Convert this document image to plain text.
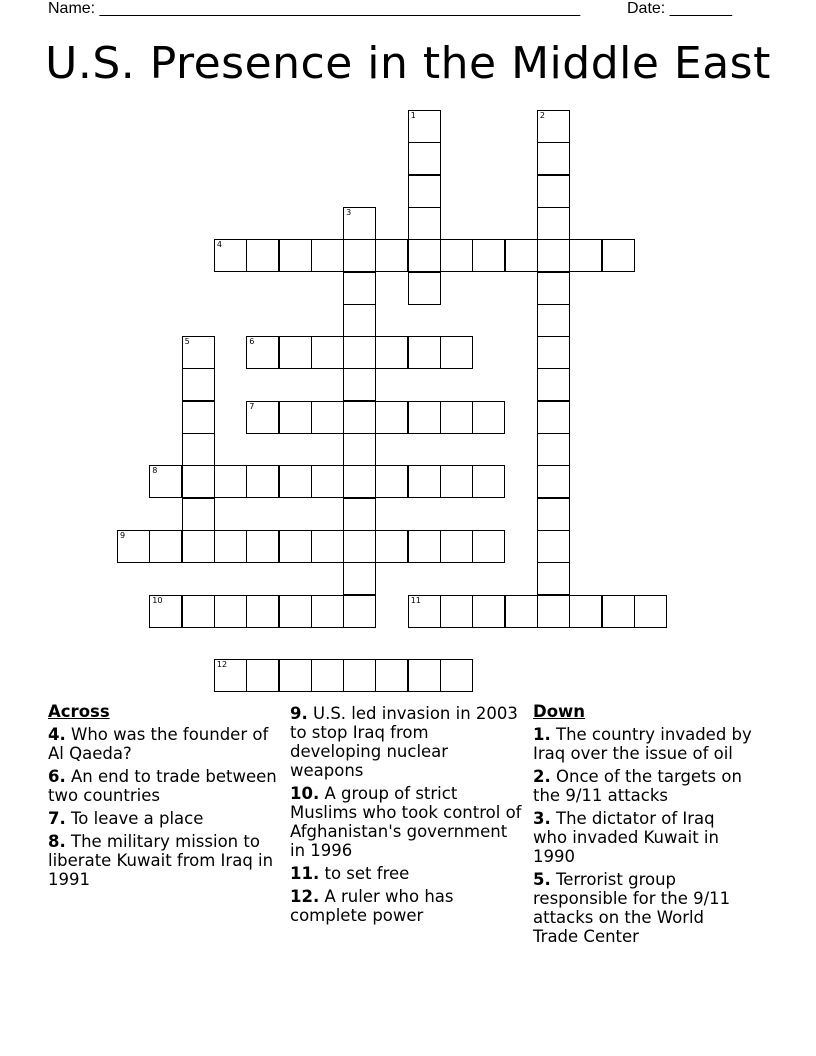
Name: ______________________________________________________	Date: _______
U.S. Presence in the Middle East
1	2
3
4
5	6
7
8
9
10	11
12
Across
4. Who was the founder of Al Qaeda?
6. An end to trade between two countries
7. To leave a place
8. The military mission to liberate Kuwait from Iraq in 1991
9. U.S. led invasion in 2003 to stop Iraq from developing nuclear weapons
10. A group of strict Muslims who took control of Afghanistan's government in 1996
11. to set free
12. A ruler who has complete power
Down
1. The country invaded by Iraq over the issue of oil
2. Once of the targets on the 9/11 attacks
3. The dictator of Iraq who invaded Kuwait in 1990
5. Terrorist group responsible for the 9/11 attacks on the World Trade Center
